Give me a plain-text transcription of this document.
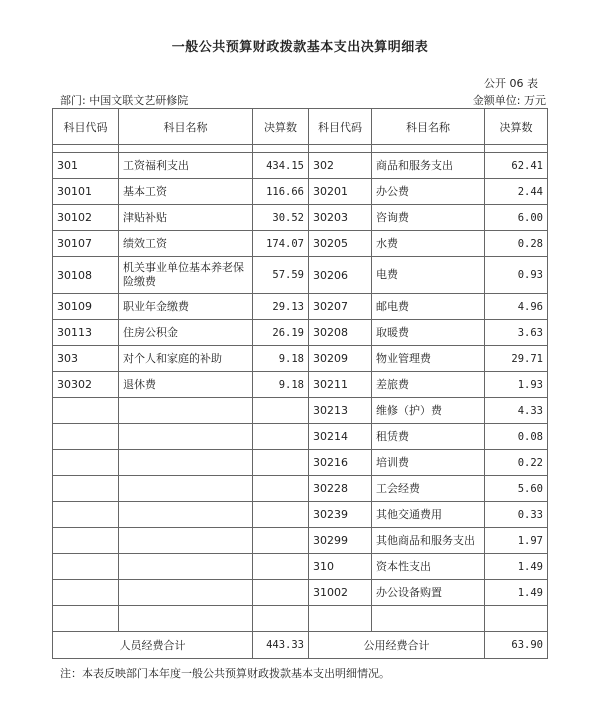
一般公共预算财政拨款基本支出决算明细表
公开 06 表
部门: 中国文联文艺研修院	金额单位: 万元
科目代码	科目名称	决算数	科目代码	科目名称	决算数

301	工资福利支出	434.15	302	商品和服务支出	62.41
30101	基本工资	116.66	30201	办公费	2.44
30102	津贴补贴	30.52	30203	咨询费	6.00
30107	绩效工资	174.07	30205	水费	0.28
30108	机关事业单位基本养老保险缴费	57.59	30206	电费	0.93
30109	职业年金缴费	29.13	30207	邮电费	4.96
30113	住房公积金	26.19	30208	取暖费	3.63
303	对个人和家庭的补助	9.18	30209	物业管理费	29.71
30302	退休费	9.18	30211	差旅费	1.93
			30213	维修（护）费	4.33
			30214	租赁费	0.08
			30216	培训费	0.22
			30228	工会经费	5.60
			30239	其他交通费用	0.33
			30299	其他商品和服务支出	1.97
			310	资本性支出	1.49
			31002	办公设备购置	1.49

人员经费合计		443.33	公用经费合计		63.90
注：本表反映部门本年度一般公共预算财政拨款基本支出明细情况。
